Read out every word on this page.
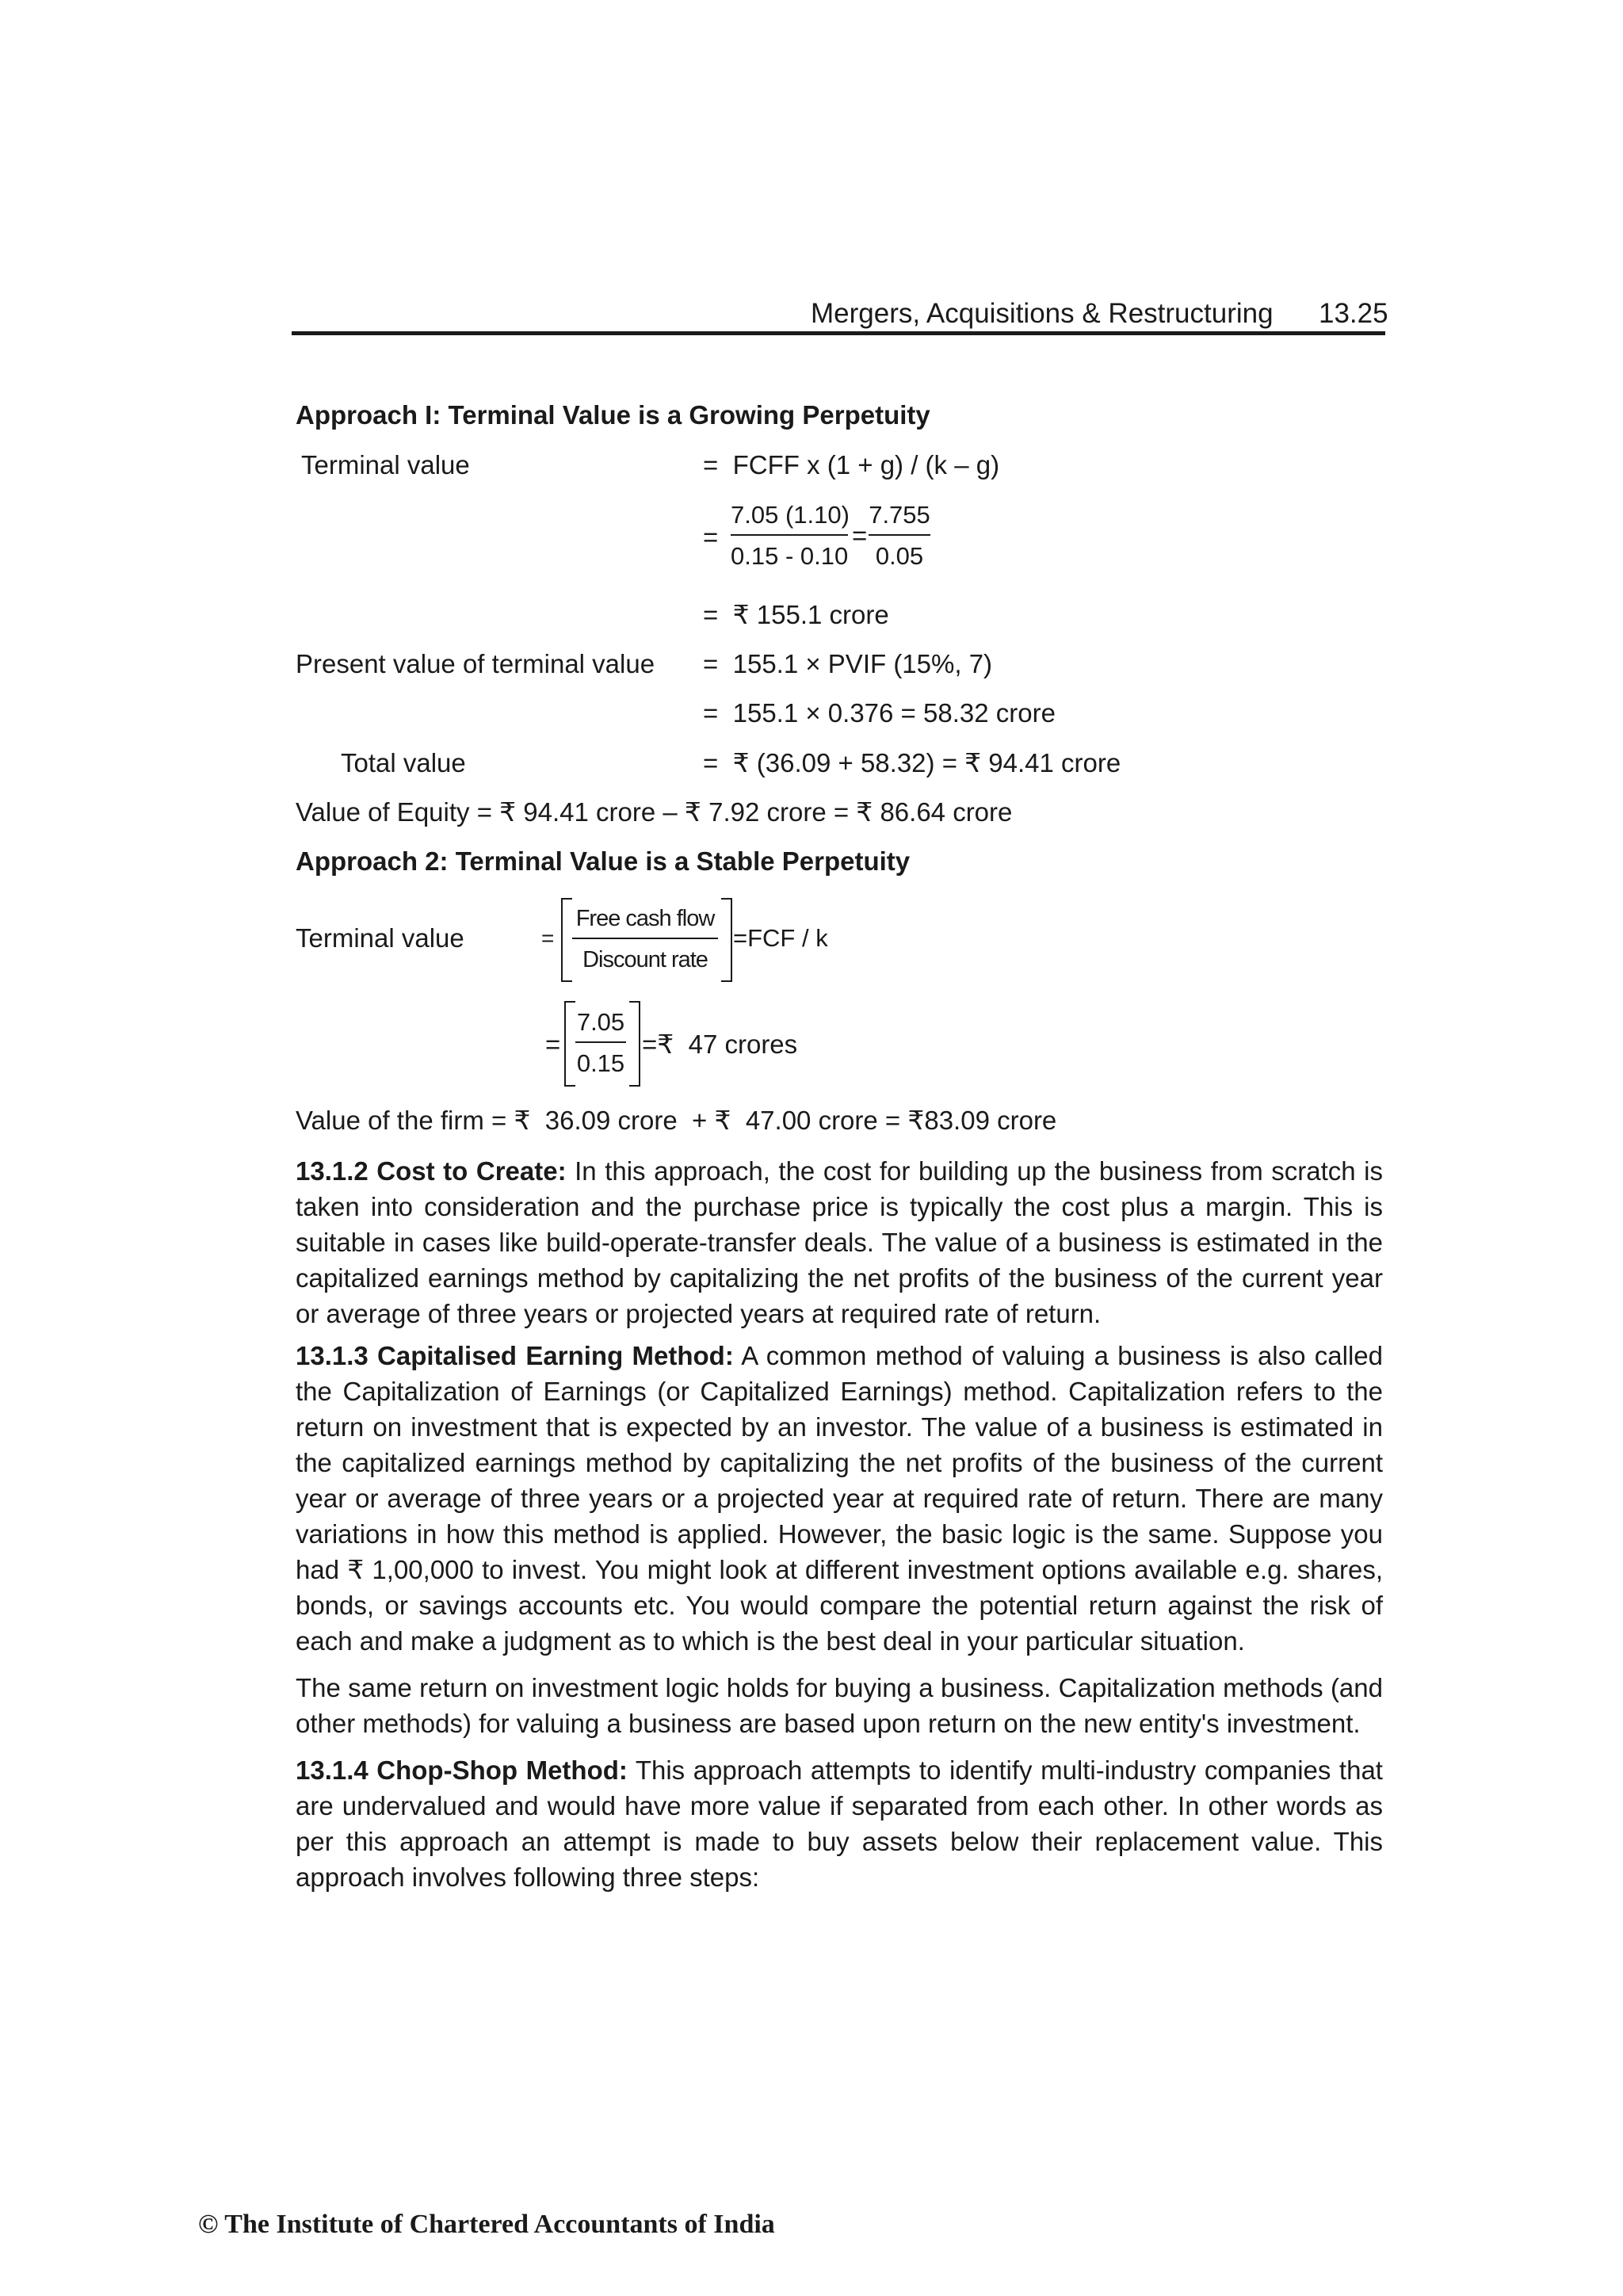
Mergers, Acquisitions & Restructuring 13.25
Approach I: Terminal Value is a Growing Perpetuity
Terminal value	=  FCFF x (1 + g) / (k – g)
=
7.05 (1.10)
0.15 - 0.10
=
7.755
0.05
=  ₹ 155.1 crore
Present value of terminal value =  155.1 × PVIF (15%, 7)
=  155.1 × 0.376 = 58.32 crore
Total value	=  ₹ (36.09 + 58.32) = ₹ 94.41 crore
Value of Equity = ₹ 94.41 crore – ₹ 7.92 crore = ₹ 86.64 crore
Approach 2: Terminal Value is a Stable Perpetuity
Terminal value	=
Free cash flow
Discount rate
=FCF / k
=
7.05
0.15
=₹  47 crores
Value of the firm = ₹  36.09 crore  + ₹  47.00 crore = ₹83.09 crore
13.1.2 Cost to Create: In this approach, the cost for building up the business from scratch is taken into consideration and the purchase price is typically the cost plus a margin. This is suitable in cases like build-operate-transfer deals. The value of a business is estimated in the capitalized earnings method by capitalizing the net profits of the business of the current year or average of three years or projected years at required rate of return.
13.1.3 Capitalised Earning Method: A common method of valuing a business is also called the Capitalization of Earnings (or Capitalized Earnings) method. Capitalization refers to the return on investment that is expected by an investor. The value of a business is estimated in the capitalized earnings method by capitalizing the net profits of the business of the current year or average of three years or a projected year at required rate of return. There are many variations in how this method is applied. However, the basic logic is the same. Suppose you had ₹ 1,00,000 to invest. You might look at different investment options available e.g. shares, bonds, or savings accounts etc. You would compare the potential return against the risk of each and make a judgment as to which is the best deal in your particular situation.
The same return on investment logic holds for buying a business. Capitalization methods (and other methods) for valuing a business are based upon return on the new entity's investment.
13.1.4 Chop-Shop Method: This approach attempts to identify multi-industry companies that are undervalued and would have more value if separated from each other. In other words as per this approach an attempt is made to buy assets below their replacement value. This approach involves following three steps:
© The Institute of Chartered Accountants of India
